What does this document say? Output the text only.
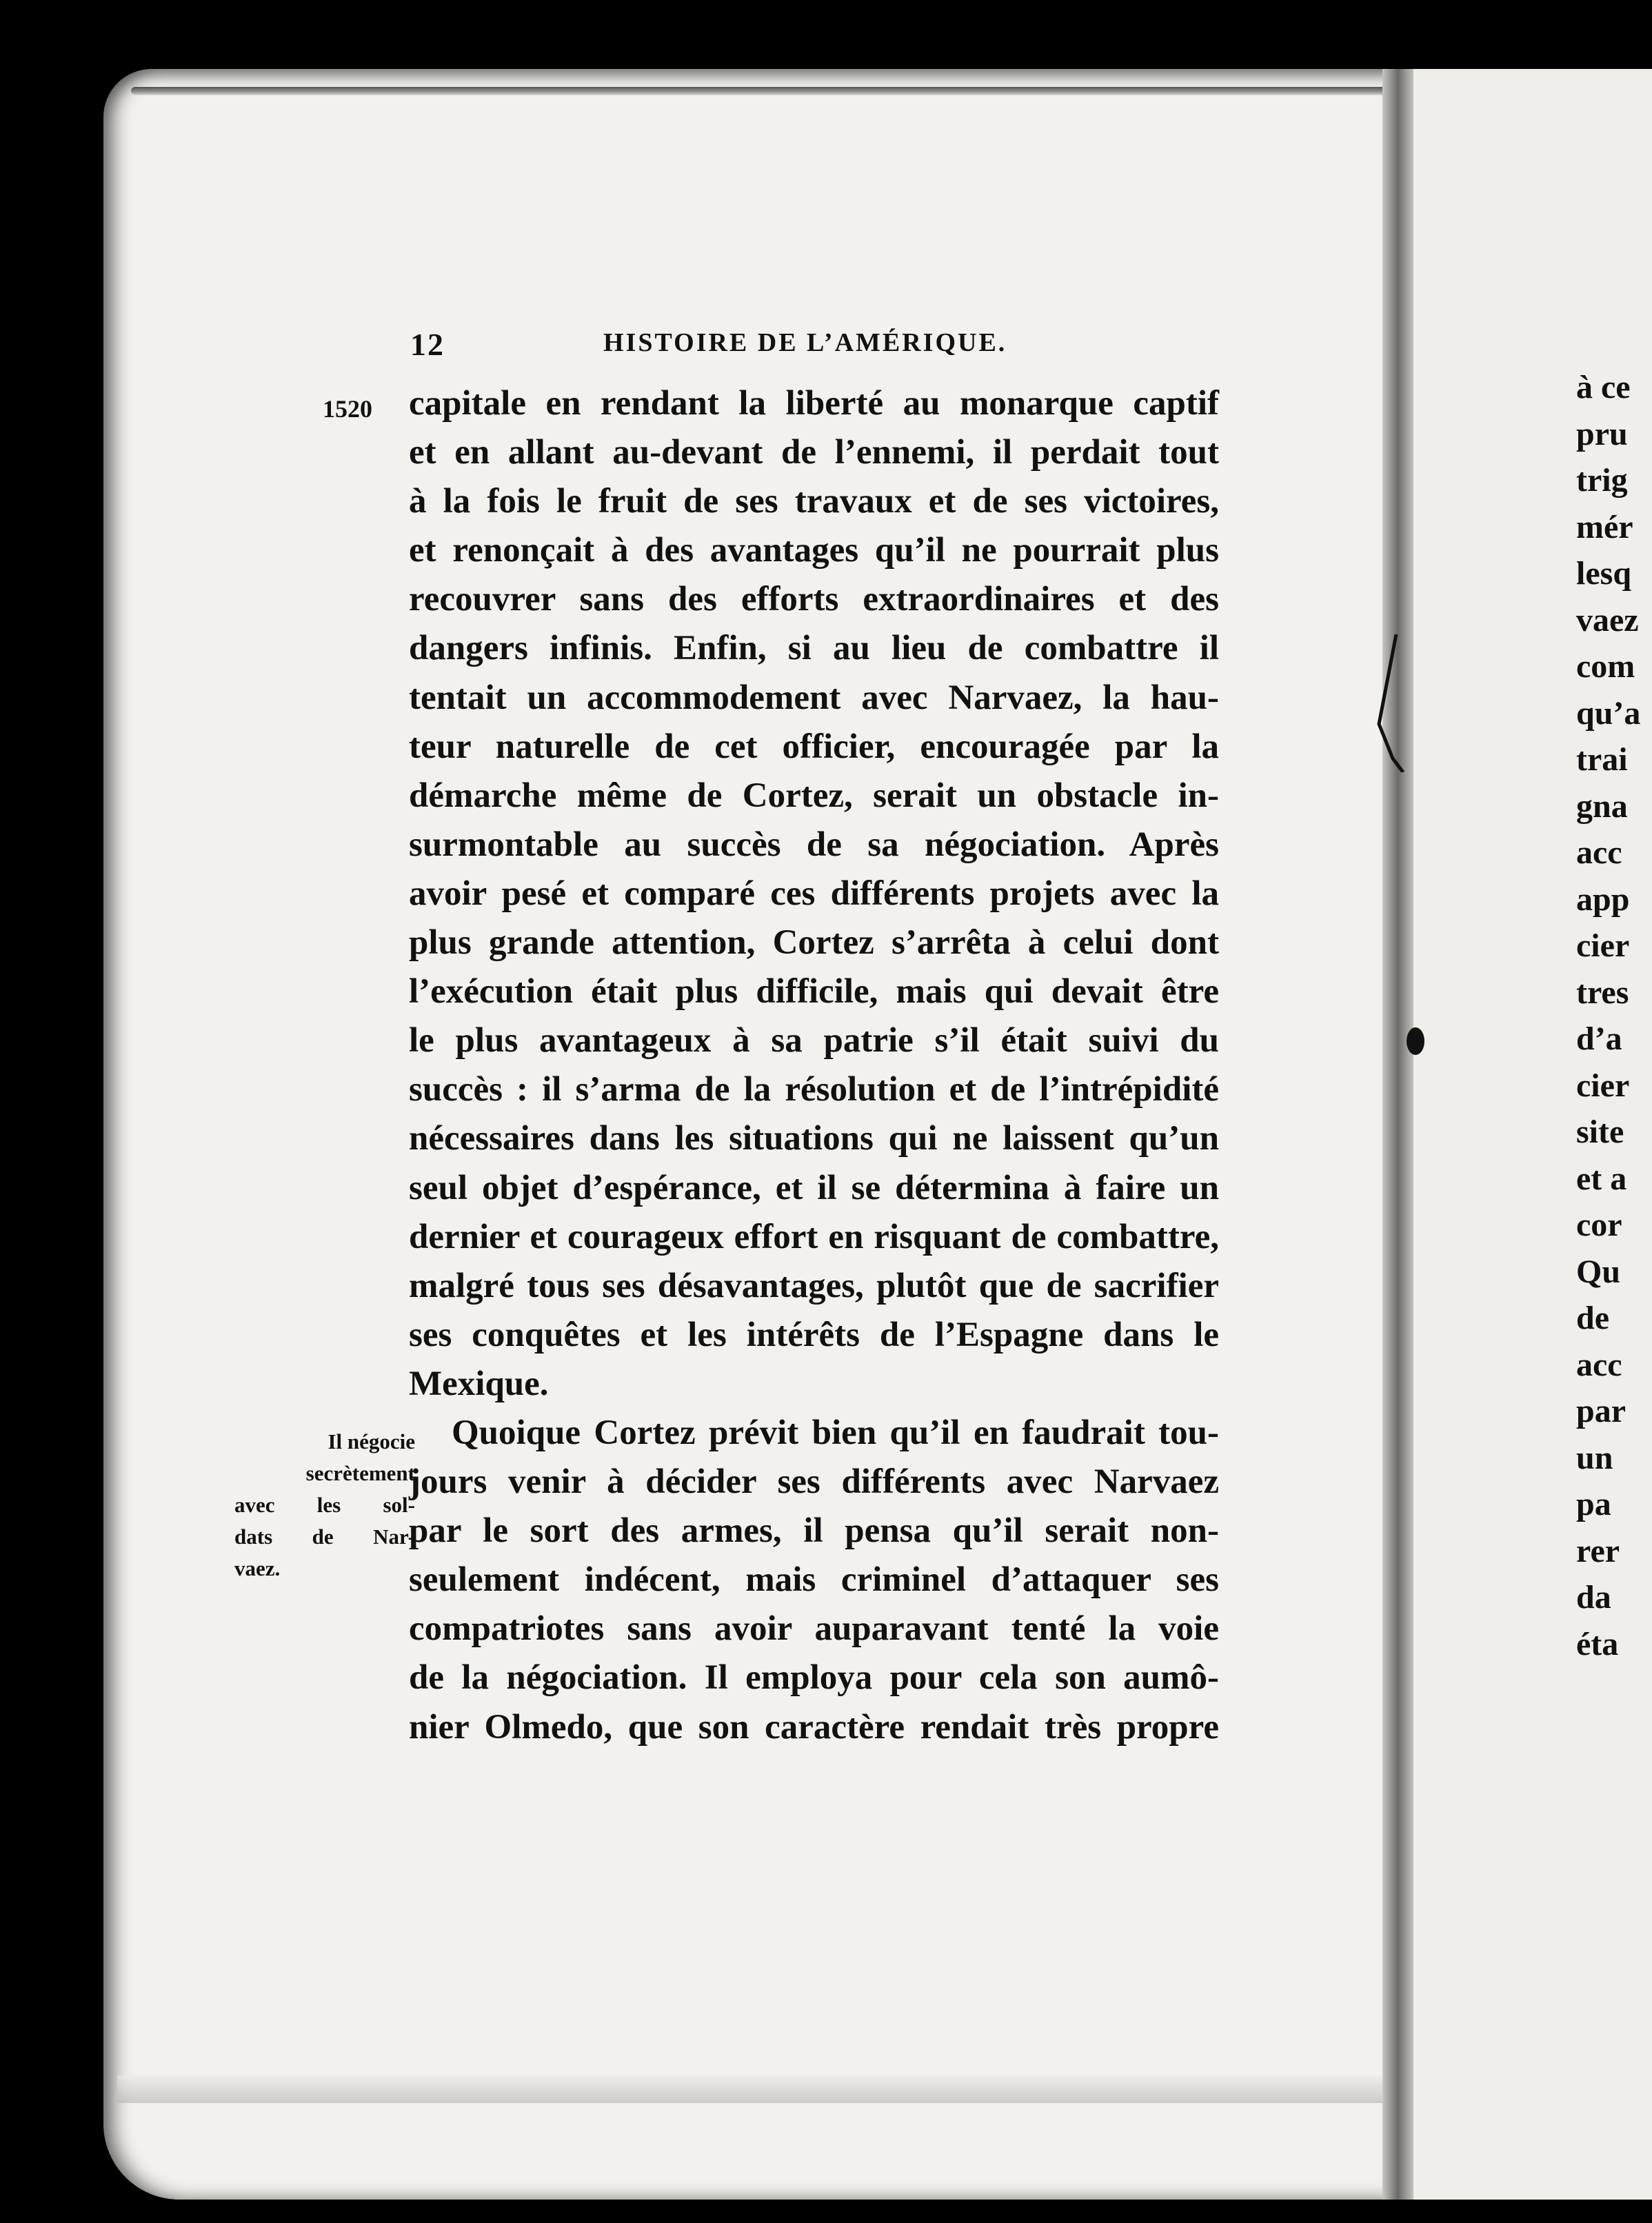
12	HISTOIRE DE L’AMÉRIQUE.
1520 capitale en rendant la liberté au monarque captif
et en allant au-devant de l’ennemi, il perdait tout
à la fois le fruit de ses travaux et de ses victoires,
et renonçait à des avantages qu’il ne pourrait plus
recouvrer sans des efforts extraordinaires et des
dangers infinis. Enfin, si au lieu de combattre il
tentait un accommodement avec Narvaez, la hau-
teur naturelle de cet officier, encouragée par la
démarche même de Cortez, serait un obstacle in-
surmontable au succès de sa négociation. Après
avoir pesé et comparé ces différents projets avec la
plus grande attention, Cortez s’arrêta à celui dont
l’exécution était plus difficile, mais qui devait être
le plus avantageux à sa patrie s’il était suivi du
succès : il s’arma de la résolution et de l’intrépidité
nécessaires dans les situations qui ne laissent qu’un
seul objet d’espérance, et il se détermina à faire un
dernier et courageux effort en risquant de combattre,
malgré tous ses désavantages, plutôt que de sacrifier
ses conquêtes et les intérêts de l’Espagne dans le
Mexique.
Quoique Cortez prévit bien qu’il en faudrait tou-
jours venir à décider ses différents avec Narvaez
par le sort des armes, il pensa qu’il serait non-
seulement indécent, mais criminel d’attaquer ses
compatriotes sans avoir auparavant tenté la voie
de la négociation. Il employa pour cela son aumô-
nier Olmedo, que son caractère rendait très propre
Il négocie
secrètement
avec les sol-
dats de Nar-
vaez.
à ce
pru
trig
mér
lesq
vaez
com
qu’a
trai
gna
acc
app
cier
tres
d’a
cier
site
et a
cor
Qu
de
acc
par
un
pa
rer
da
éta
